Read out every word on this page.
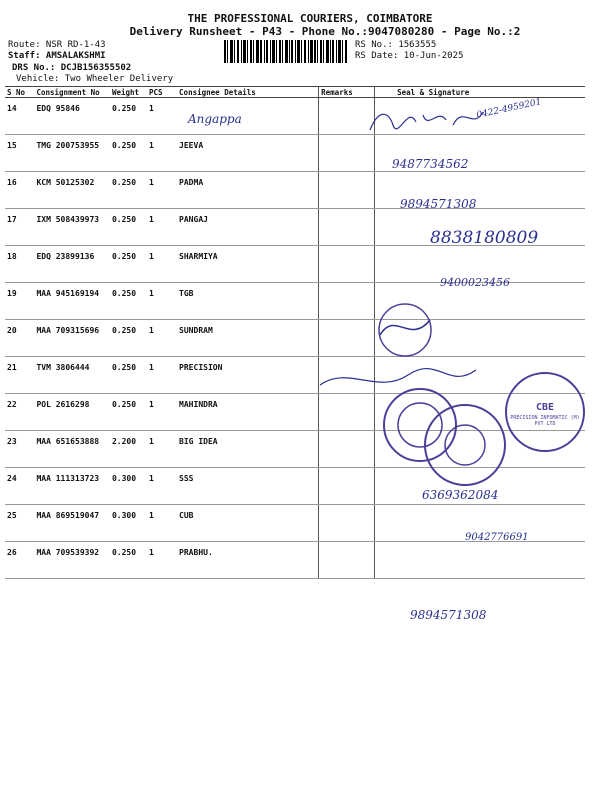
THE PROFESSIONAL COURIERS, COIMBATORE
Delivery Runsheet - P43 - Phone No.:9047080280 - Page No.:2
Route: NSR RD-1-43
Staff: AMSALAKSHMI
DRS No.: DCJB156355502
Vehicle: Two Wheeler Delivery
RS No.: 1563555
RS Date: 10-Jun-2025
S No	Consignment No	Weight	PCS	Consignee Details	Remarks	Seal & Signature
14	EDQ 95846	0.250	1			
15	TMG 200753955	0.250	1	JEEVA		
16	KCM 50125302	0.250	1	PADMA		
17	IXM 508439973	0.250	1	PANGAJ		
18	EDQ 23899136	0.250	1	SHARMIYA		
19	MAA 945169194	0.250	1	TGB		
20	MAA 709315696	0.250	1	SUNDRAM		
21	TVM 3806444	0.250	1	PRECISION		
22	POL 2616298	0.250	1	MAHINDRA		
23	MAA 651653888	2.200	1	BIG IDEA		
24	MAA 111313723	0.300	1	SSS		
25	MAA 869519047	0.300	1	CUB		
26	MAA 709539392	0.250	1	PRABHU.		
Angappa	0422-4959201
9487734562
9894571308
8838180809
9400023456
CBE
PRECISION INFOMATIC (M) PVT LTD
6369362084
9042776691
9894571308
